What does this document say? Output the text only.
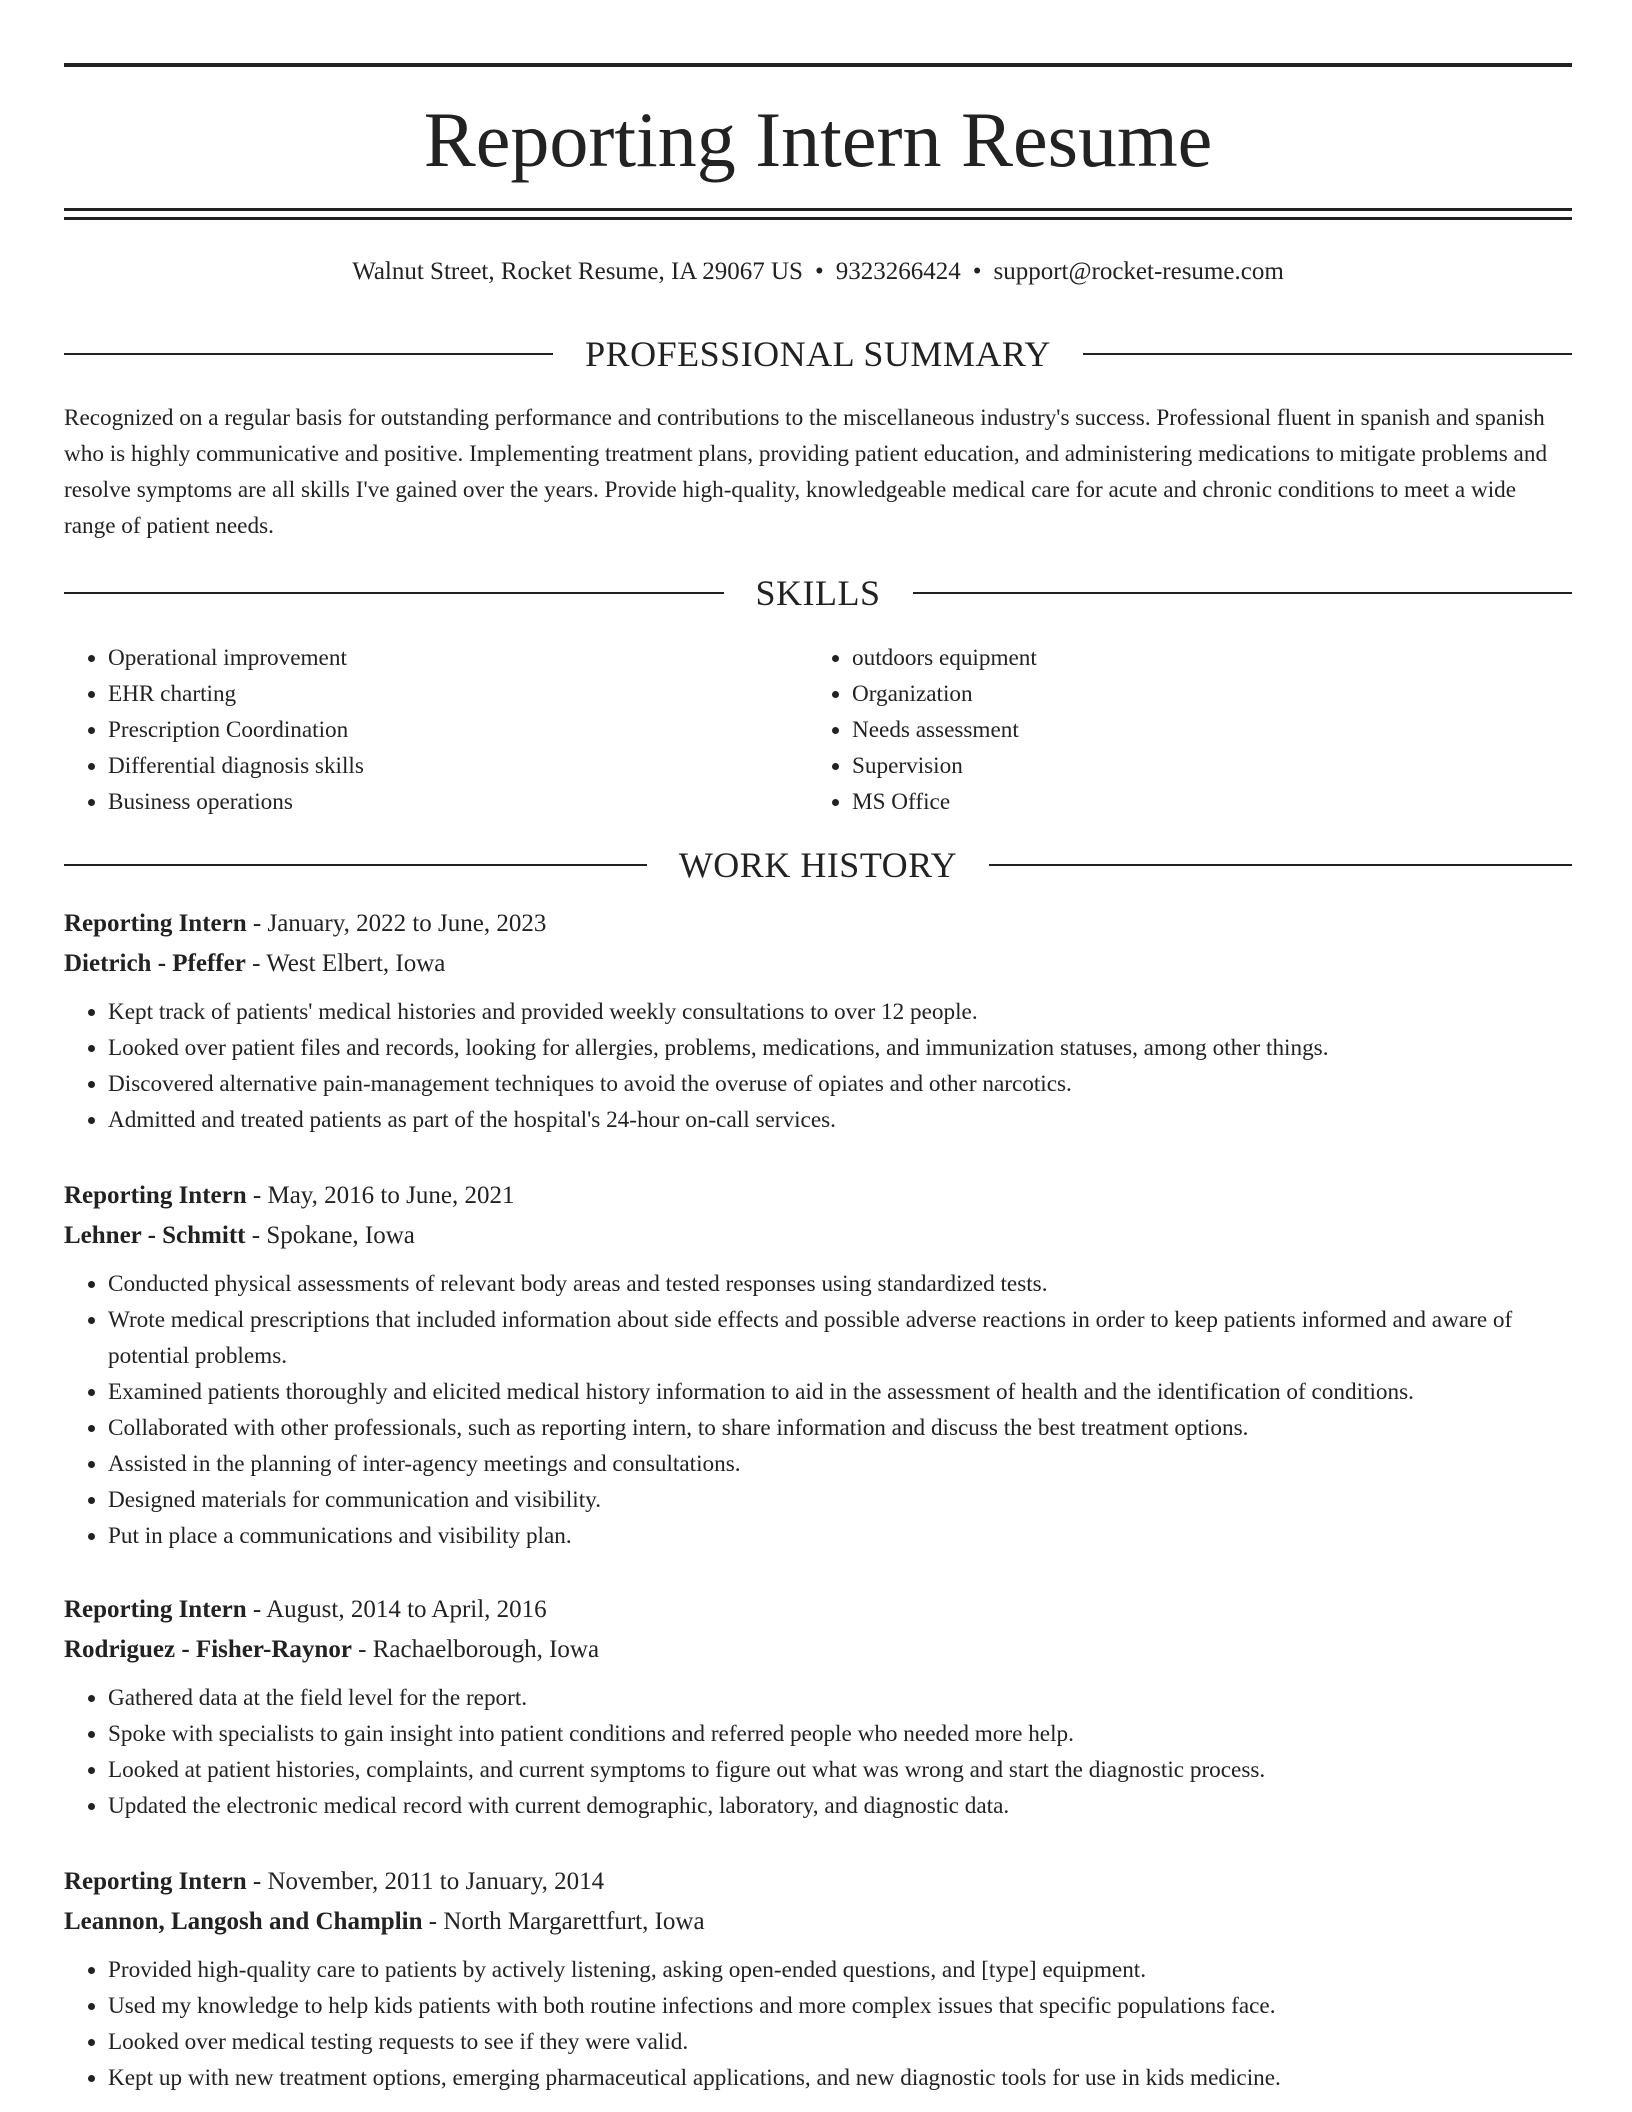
Reporting Intern Resume
Walnut Street, Rocket Resume, IA 29067 US • 9323266424 • support@rocket-resume.com
PROFESSIONAL SUMMARY

Recognized on a regular basis for outstanding performance and contributions to the miscellaneous industry's success. Professional fluent in spanish and spanish who is highly communicative and positive. Implementing treatment plans, providing patient education, and administering medications to mitigate problems and resolve symptoms are all skills I've gained over the years. Provide high-quality, knowledgeable medical care for acute and chronic conditions to meet a wide range of patient needs.

SKILLS
• Operational improvement
• EHR charting
• Prescription Coordination
• Differential diagnosis skills
• Business operations
• outdoors equipment
• Organization
• Needs assessment
• Supervision
• MS Office
WORK HISTORY
Reporting Intern - January, 2022 to June, 2023
Dietrich - Pfeffer - West Elbert, Iowa
• Kept track of patients' medical histories and provided weekly consultations to over 12 people.
• Looked over patient files and records, looking for allergies, problems, medications, and immunization statuses, among other things.
• Discovered alternative pain-management techniques to avoid the overuse of opiates and other narcotics.
• Admitted and treated patients as part of the hospital's 24-hour on-call services.
Reporting Intern - May, 2016 to June, 2021
Lehner - Schmitt - Spokane, Iowa
• Conducted physical assessments of relevant body areas and tested responses using standardized tests.
• Wrote medical prescriptions that included information about side effects and possible adverse reactions in order to keep patients informed and aware of potential problems.
• Examined patients thoroughly and elicited medical history information to aid in the assessment of health and the identification of conditions.
• Collaborated with other professionals, such as reporting intern, to share information and discuss the best treatment options.
• Assisted in the planning of inter-agency meetings and consultations.
• Designed materials for communication and visibility.
• Put in place a communications and visibility plan.
Reporting Intern - August, 2014 to April, 2016
Rodriguez - Fisher-Raynor - Rachaelborough, Iowa
• Gathered data at the field level for the report.
• Spoke with specialists to gain insight into patient conditions and referred people who needed more help.
• Looked at patient histories, complaints, and current symptoms to figure out what was wrong and start the diagnostic process.
• Updated the electronic medical record with current demographic, laboratory, and diagnostic data.
Reporting Intern - November, 2011 to January, 2014
Leannon, Langosh and Champlin - North Margarettfurt, Iowa
• Provided high-quality care to patients by actively listening, asking open-ended questions, and [type] equipment.
• Used my knowledge to help kids patients with both routine infections and more complex issues that specific populations face.
• Looked over medical testing requests to see if they were valid.
• Kept up with new treatment options, emerging pharmaceutical applications, and new diagnostic tools for use in kids medicine.
